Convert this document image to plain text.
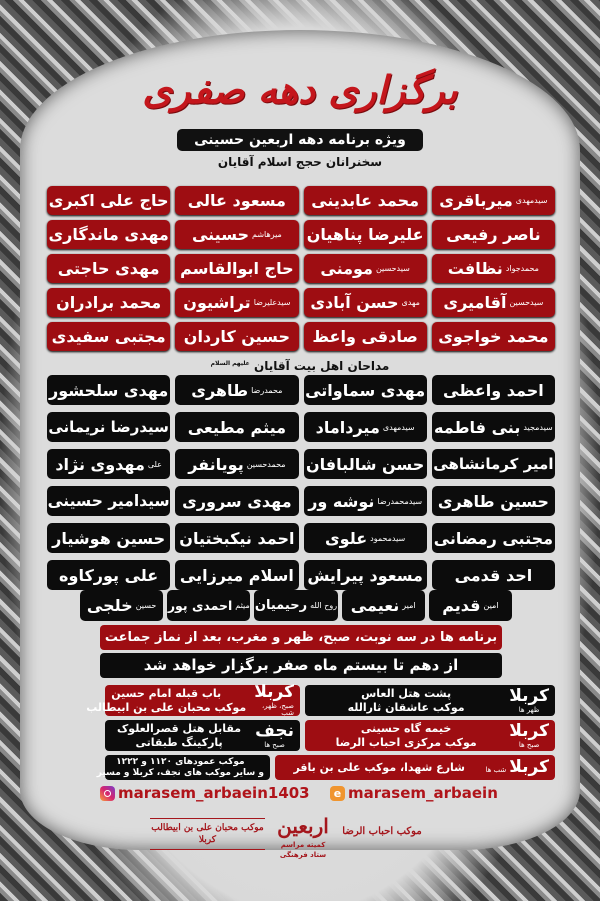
برگزاری دهه صفری
ویژه برنامه دهه اربعین حسینی
سخنرانان حجج اسلام آقایان
سیدمهدی
میرباقری
محمد عابدینی
مسعود عالی
حاج علی اکبری
ناصر رفیعی
علیرضا پناهیان
میرهاشم
حسینی
مهدی ماندگاری
محمدجواد
نظافت
سیدحسین
مومنی
حاج ابوالقاسم
مهدی حاجتی
سیدحسین
آقامیری
مهدی
حسن آبادی
سیدعلیرضا
تراشیون
محمد برادران
محمد خواجوی
صادقی واعظ
حسین کاردان
مجتبی سفیدی
مداحان اهل بیت آقایان $^{علیهم السلام}$
احمد واعظی
مهدی سماواتی
محمدرضا
طاهری
مهدی سلحشور
سیدمجید
بنی فاطمه
سیدمهدی
میرداماد
میثم مطیعی
سیدرضا نریمانی
امیر کرمانشاهی
حسن شالبافان
محمدحسین
پویانفر
علی
مهدوی نژاد
حسین طاهری
سیدمحمدرضا
نوشه ور
مهدی سروری
سیدامیر حسینی
مجتبی رمضانی
سیدمحمود
علوی
احمد نیکبختیان
حسین هوشیار
احد قدمی
مسعود پیرایش
اسلام میرزایی
علی پورکاوه
امین
قدیم
امیر
نعیمی
روح الله
رحیمیان
میثم
احمدی پور
حسین
خلجی
برنامه ها در سه نوبت، صبح، ظهر و مغرب، بعد از نماز جماعت
از دهم تا بیستم ماه صفر برگزار خواهد شد
کربلا
ظهر ها
پشت هتل العاس
موکب عاشقان ثارالله
کربلا
صبح، ظهر، شب
باب قبله امام حسین
موکب محبان علی بن ابیطالب
کربلا
صبح ها
خیمه گاه حسینی
موکب مرکزی احباب الرضا
نجف
صبح ها
مقابل هتل قصرالعلوک
پارکینگ طبقاتی
کربلا
شب ها
شارع شهدا، موکب علی بن باقر
موکب عمودهای ۱۱۲۰ و ۱۲۲۲
و سایر موکب های نجف، کربلا و مسیر
marasem_arbaein1403	e marasem_arbaein
موکب محبان علی بن ابیطالب کربلا
اربعین
کمیته مراسم
ستاد فرهنگی
موکب احباب الرضا
